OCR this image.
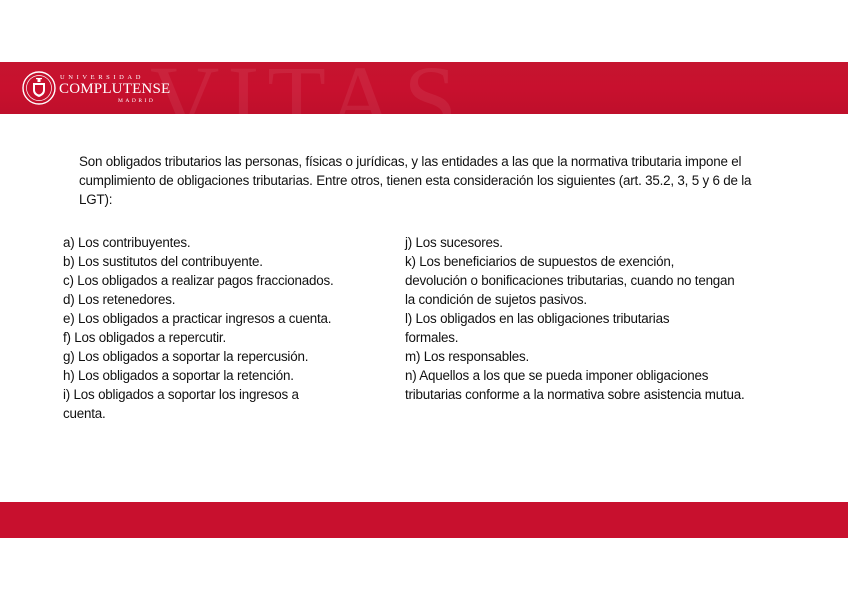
VITAS
UNIVERSIDAD
COMPLUTENSE
MADRID

Son obligados tributarios las personas, físicas o jurídicas, y las entidades a las que la normativa tributaria impone el cumplimiento de obligaciones tributarias. Entre otros, tienen esta consideración los siguientes (art. 35.2, 3, 5 y 6 de la LGT):

a) Los contribuyentes.

b) Los sustitutos del contribuyente.

c) Los obligados a realizar pagos fraccionados.

d) Los retenedores.

e) Los obligados a practicar ingresos a cuenta.

f) Los obligados a repercutir.

g) Los obligados a soportar la repercusión.

h) Los obligados a soportar la retención.

i) Los obligados a soportar los ingresos a cuenta.

j) Los sucesores.

k) Los beneficiarios de supuestos de exención, devolución o bonificaciones tributarias, cuando no tengan la condición de sujetos pasivos.

l) Los obligados en las obligaciones tributarias formales.

m) Los responsables.

n) Aquellos a los que se pueda imponer obligaciones tributarias conforme a la normativa sobre asistencia mutua.
